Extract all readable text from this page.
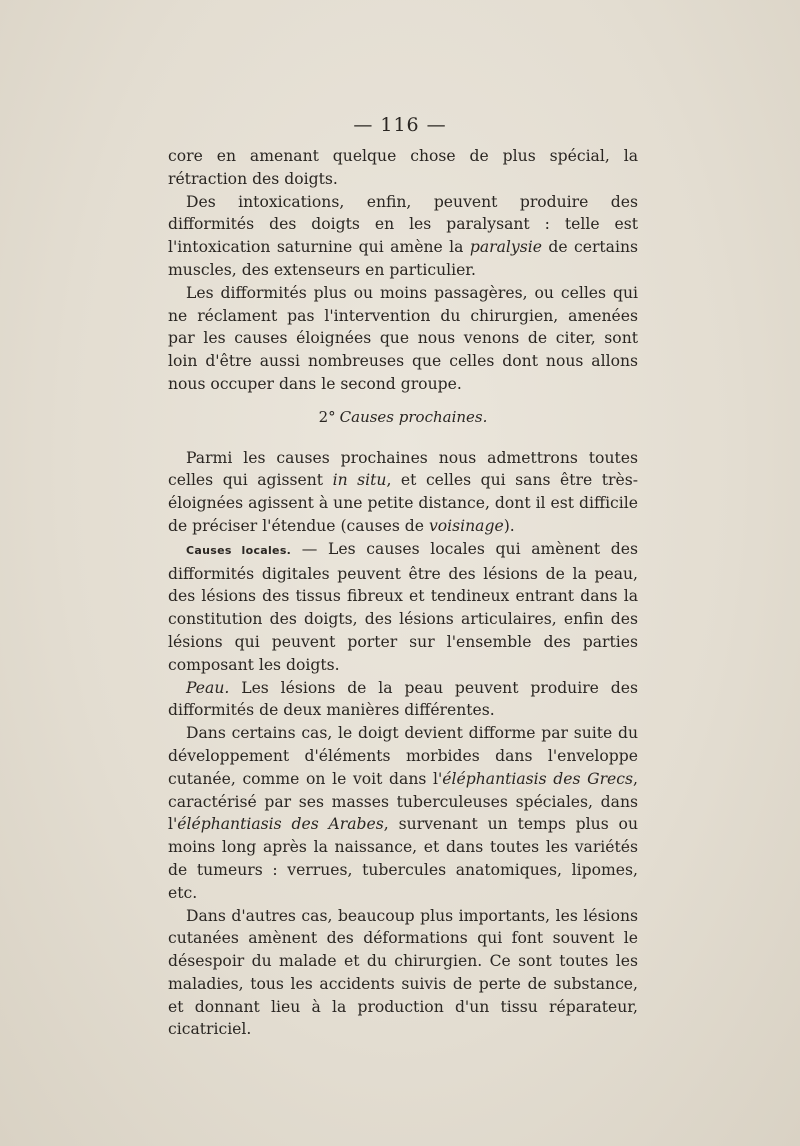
— 116 —

core en amenant quelque chose de plus spécial, la rétraction des doigts.

Des intoxications, enfin, peuvent produire des difformités des doigts en les paralysant : telle est l'intoxication saturnine qui amène la paralysie de certains muscles, des extenseurs en particulier.

Les difformités plus ou moins passagères, ou celles qui ne réclament pas l'intervention du chirurgien, amenées par les causes éloignées que nous venons de citer, sont loin d'être aussi nombreuses que celles dont nous allons nous occuper dans le second groupe.

2° Causes prochaines.

Parmi les causes prochaines nous admettrons toutes celles qui agissent in situ, et celles qui sans être très-éloignées agissent à une petite distance, dont il est difficile de préciser l'étendue (causes de voisinage).

Causes locales. — Les causes locales qui amènent des difformités digitales peuvent être des lésions de la peau, des lésions des tissus fibreux et tendineux entrant dans la constitution des doigts, des lésions articulaires, enfin des lésions qui peuvent porter sur l'ensemble des parties composant les doigts.

Peau. Les lésions de la peau peuvent produire des difformités de deux manières différentes.

Dans certains cas, le doigt devient difforme par suite du développement d'éléments morbides dans l'enveloppe cutanée, comme on le voit dans l'éléphantiasis des Grecs, caractérisé par ses masses tuberculeuses spéciales, dans l'éléphantiasis des Arabes, survenant un temps plus ou moins long après la naissance, et dans toutes les variétés de tumeurs : verrues, tubercules anatomiques, lipomes, etc.

Dans d'autres cas, beaucoup plus importants, les lésions cutanées amènent des déformations qui font souvent le désespoir du malade et du chirurgien. Ce sont toutes les maladies, tous les accidents suivis de perte de substance, et donnant lieu à la production d'un tissu réparateur, cicatriciel.
